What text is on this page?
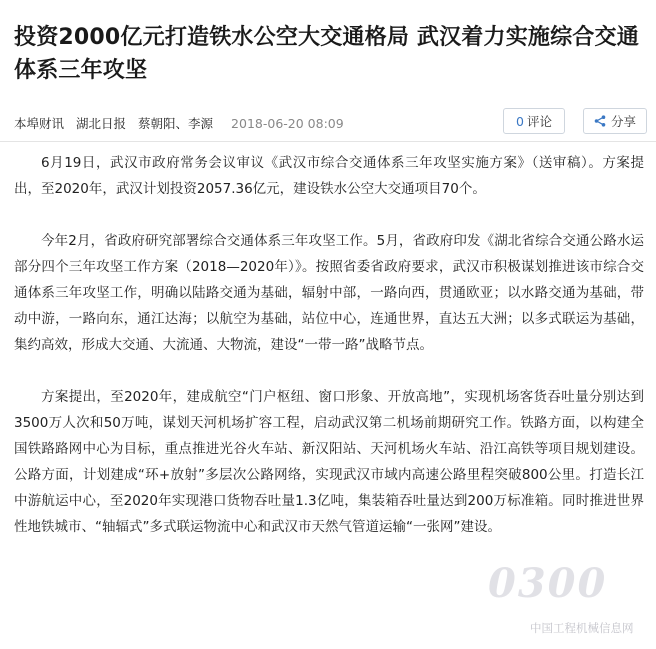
投资2000亿元打造铁水公空大交通格局 武汉着力实施综合交通体系三年攻坚
本埠财讯 湖北日报 蔡朝阳、李源 2018-06-20 08:09	0 评论	分享

6月19日，武汉市政府常务会议审议《武汉市综合交通体系三年攻坚实施方案》（送审稿）。方案提出，至2020年，武汉计划投资2057.36亿元，建设铁水公空大交通项目70个。

今年2月，省政府研究部署综合交通体系三年攻坚工作。5月，省政府印发《湖北省综合交通公路水运部分四个三年攻坚工作方案（2018—2020年）》。按照省委省政府要求，武汉市积极谋划推进该市综合交通体系三年攻坚工作，明确以陆路交通为基础，辐射中部，一路向西，贯通欧亚；以水路交通为基础，带动中游，一路向东，通江达海；以航空为基础，站位中心，连通世界，直达五大洲；以多式联运为基础，集约高效，形成大交通、大流通、大物流，建设“一带一路”战略节点。

方案提出，至2020年，建成航空“门户枢纽、窗口形象、开放高地”，实现机场客货吞吐量分别达到3500万人次和50万吨，谋划天河机场扩容工程，启动武汉第二机场前期研究工作。铁路方面，以构建全国铁路路网中心为目标，重点推进光谷火车站、新汉阳站、天河机场火车站、沿江高铁等项目规划建设。公路方面，计划建成“环+放射”多层次公路网络，实现武汉市域内高速公路里程突破800公里。打造长江中游航运中心，至2020年实现港口货物吞吐量1.3亿吨，集装箱吞吐量达到200万标准箱。同时推进世界性地铁城市、“轴辐式”多式联运物流中心和武汉市天然气管道运输“一张网”建设。

0300
中国工程机械信息网
